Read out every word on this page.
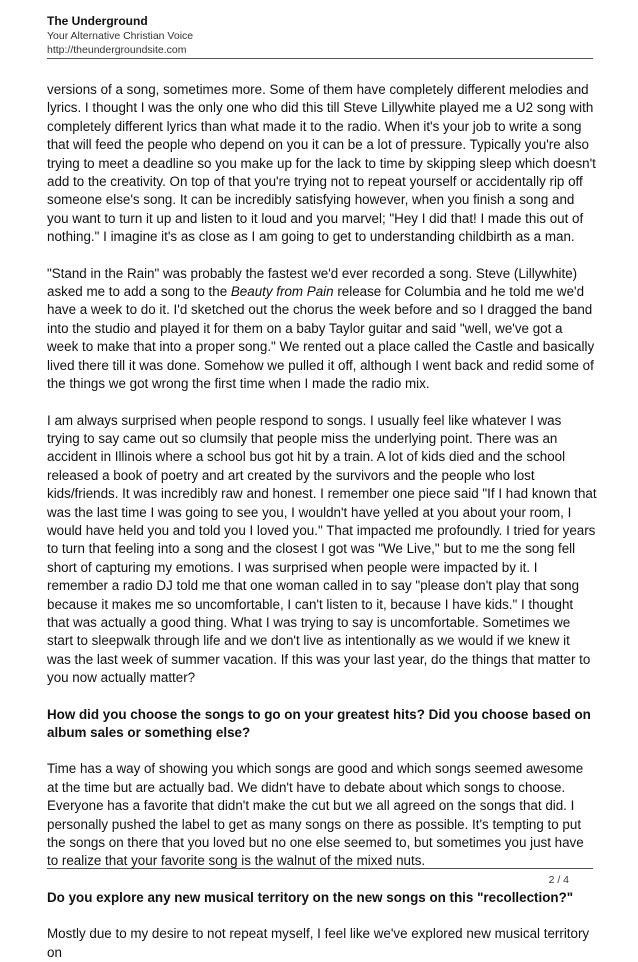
The Underground
Your Alternative Christian Voice
http://theundergroundsite.com

versions of a song, sometimes more. Some of them have completely different melodies and lyrics. I thought I was the only one who did this till Steve Lillywhite played me a U2 song with completely different lyrics than what made it to the radio. When it's your job to write a song that will feed the people who depend on you it can be a lot of pressure. Typically you're also trying to meet a deadline so you make up for the lack to time by skipping sleep which doesn't add to the creativity. On top of that you're trying not to repeat yourself or accidentally rip off someone else's song. It can be incredibly satisfying however, when you finish a song and you want to turn it up and listen to it loud and you marvel; "Hey I did that! I made this out of nothing." I imagine it's as close as I am going to get to understanding childbirth as a man.

"Stand in the Rain" was probably the fastest we'd ever recorded a song. Steve (Lillywhite) asked me to add a song to the Beauty from Pain release for Columbia and he told me we'd have a week to do it. I'd sketched out the chorus the week before and so I dragged the band into the studio and played it for them on a baby Taylor guitar and said "well, we've got a week to make that into a proper song." We rented out a place called the Castle and basically lived there till it was done. Somehow we pulled it off, although I went back and redid some of the things we got wrong the first time when I made the radio mix.

I am always surprised when people respond to songs. I usually feel like whatever I was trying to say came out so clumsily that people miss the underlying point. There was an accident in Illinois where a school bus got hit by a train. A lot of kids died and the school released a book of poetry and art created by the survivors and the people who lost kids/friends. It was incredibly raw and honest. I remember one piece said "If I had known that was the last time I was going to see you, I wouldn't have yelled at you about your room, I would have held you and told you I loved you." That impacted me profoundly. I tried for years to turn that feeling into a song and the closest I got was "We Live," but to me the song fell short of capturing my emotions. I was surprised when people were impacted by it. I remember a radio DJ told me that one woman called in to say "please don't play that song because it makes me so uncomfortable, I can't listen to it, because I have kids." I thought that was actually a good thing. What I was trying to say is uncomfortable. Sometimes we start to sleepwalk through life and we don't live as intentionally as we would if we knew it was the last week of summer vacation. If this was your last year, do the things that matter to you now actually matter?

How did you choose the songs to go on your greatest hits? Did you choose based on album sales or something else?

Time has a way of showing you which songs are good and which songs seemed awesome at the time but are actually bad. We didn't have to debate about which songs to choose. Everyone has a favorite that didn't make the cut but we all agreed on the songs that did. I personally pushed the label to get as many songs on there as possible. It's tempting to put the songs on there that you loved but no one else seemed to, but sometimes you just have to realize that your favorite song is the walnut of the mixed nuts.

Do you explore any new musical territory on the new songs on this "recollection?"

Mostly due to my desire to not repeat myself, I feel like we've explored new musical territory on

2 / 4
